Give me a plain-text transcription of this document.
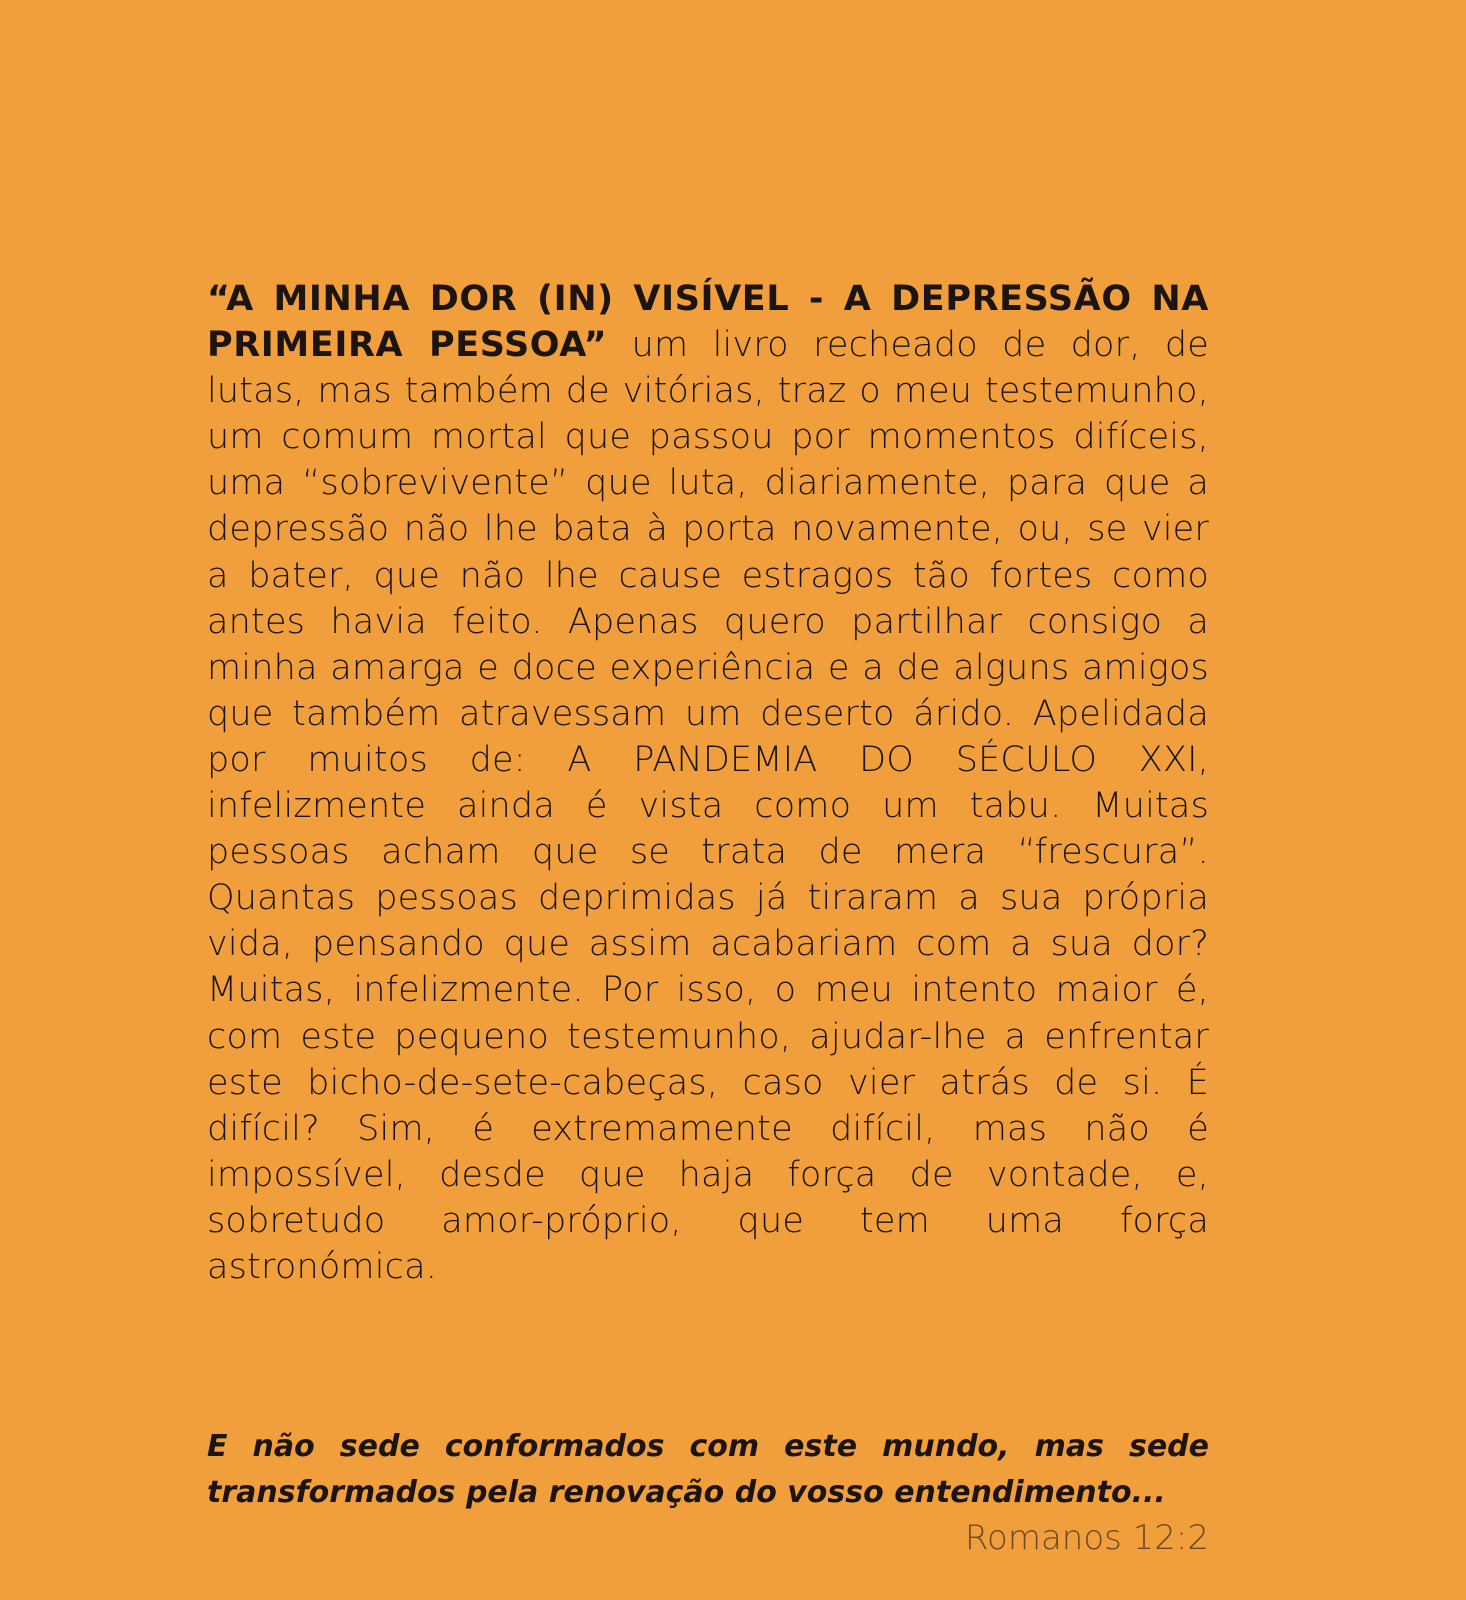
“A MINHA DOR (IN) VISÍVEL - A DEPRESSÃO NA PRIMEIRA PESSOA” um livro recheado de dor, de lutas, mas também de vitórias, traz o meu testemunho, um comum mortal que passou por momentos difíceis, uma “sobrevivente” que luta, diariamente, para que a depressão não lhe bata à porta novamente, ou, se vier a bater, que não lhe cause estragos tão fortes como antes havia feito. Apenas quero partilhar consigo a minha amarga e doce experiência e a de alguns amigos que também atravessam um deserto árido. Apelidada por muitos de: A PANDEMIA DO SÉCULO XXI, infelizmente ainda é vista como um tabu. Muitas pessoas acham que se trata de mera “frescura”. Quantas pessoas deprimidas já tiraram a sua própria vida, pensando que assim acabariam com a sua dor? Muitas, infelizmente. Por isso, o meu intento maior é, com este pequeno testemunho, ajudar-lhe a enfrentar este bicho-de-sete-cabeças, caso vier atrás de si. É difícil? Sim, é extremamente difícil, mas não é impossível, desde que haja força de vontade, e, sobretudo amor-próprio, que tem uma força astronómica.

E não sede conformados com este mundo, mas sede transformados pela renovação do vosso entendimento...

Romanos 12:2
